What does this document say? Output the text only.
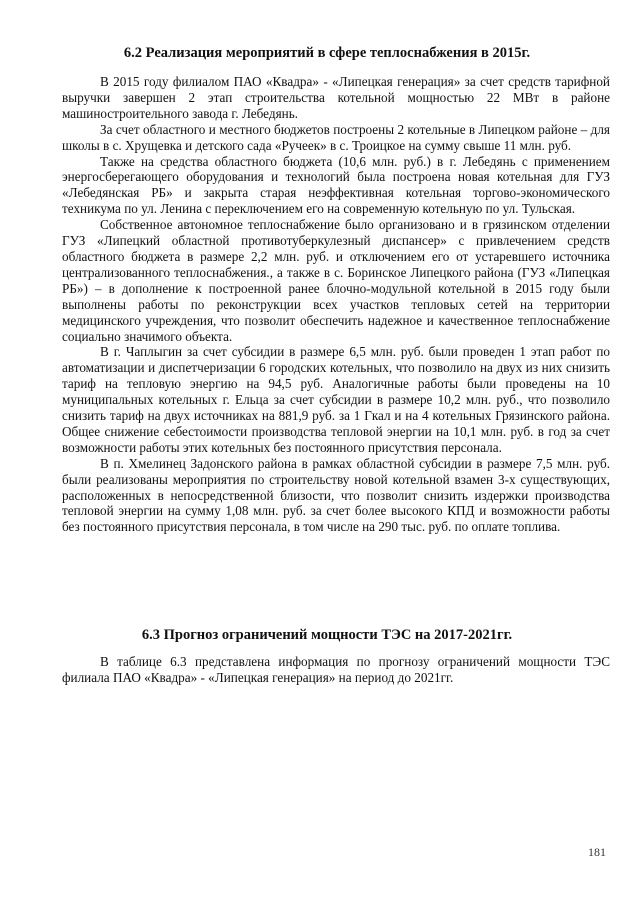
6.2 Реализация мероприятий в сфере теплоснабжения в 2015г.

В 2015 году филиалом ПАО «Квадра» - «Липецкая генерация» за счет средств тарифной выручки завершен 2 этап строительства котельной мощностью 22 МВт в районе машиностроительного завода г. Лебедянь.

За счет областного и местного бюджетов построены 2 котельные в Липецком районе – для школы в с. Хрущевка и детского сада «Ручеек» в с. Троицкое на сумму свыше 11 млн. руб.

Также на средства областного бюджета (10,6 млн. руб.) в г. Лебедянь с применением энергосберегающего оборудования и технологий была построена новая котельная для ГУЗ «Лебедянская РБ» и закрыта старая неэффективная котельная торгово-экономического техникума по ул. Ленина с переключением его на современную котельную по ул. Тульская.

Собственное автономное теплоснабжение было организовано и в грязинском отделении ГУЗ «Липецкий областной противотуберкулезный диспансер» с привлечением средств областного бюджета в размере 2,2 млн. руб. и отключением его от устаревшего источника централизованного теплоснабжения., а также в с. Боринское Липецкого района (ГУЗ «Липецкая РБ») – в дополнение к построенной ранее блочно-модульной котельной в 2015 году были выполнены работы по реконструкции всех участков тепловых сетей на территории медицинского учреждения, что позволит обеспечить надежное и качественное теплоснабжение социально значимого объекта.

В г. Чаплыгин за счет субсидии в размере 6,5 млн. руб. были проведен 1 этап работ по автоматизации и диспетчеризации 6 городских котельных, что позволило на двух из них снизить тариф на тепловую энергию на 94,5 руб. Аналогичные работы были проведены на 10 муниципальных котельных г. Ельца за счет субсидии в размере 10,2 млн. руб., что позволило снизить тариф на двух источниках на 881,9 руб. за 1 Гкал и на 4 котельных Грязинского района. Общее снижение себестоимости производства тепловой энергии на 10,1 млн. руб. в год за счет возможности работы этих котельных без постоянного присутствия персонала.

В п. Хмелинец Задонского района в рамках областной субсидии в размере 7,5 млн. руб. были реализованы мероприятия по строительству новой котельной взамен 3-х существующих, расположенных в непосредственной близости, что позволит снизить издержки производства тепловой энергии на сумму 1,08 млн. руб. за счет более высокого КПД и возможности работы без постоянного присутствия персонала, в том числе на 290 тыс. руб. по оплате топлива.

6.3 Прогноз ограничений мощности ТЭС на 2017-2021гг.

В таблице 6.3 представлена информация по прогнозу ограничений мощности ТЭС филиала ПАО «Квадра» - «Липецкая генерация» на период до 2021гг.

181
